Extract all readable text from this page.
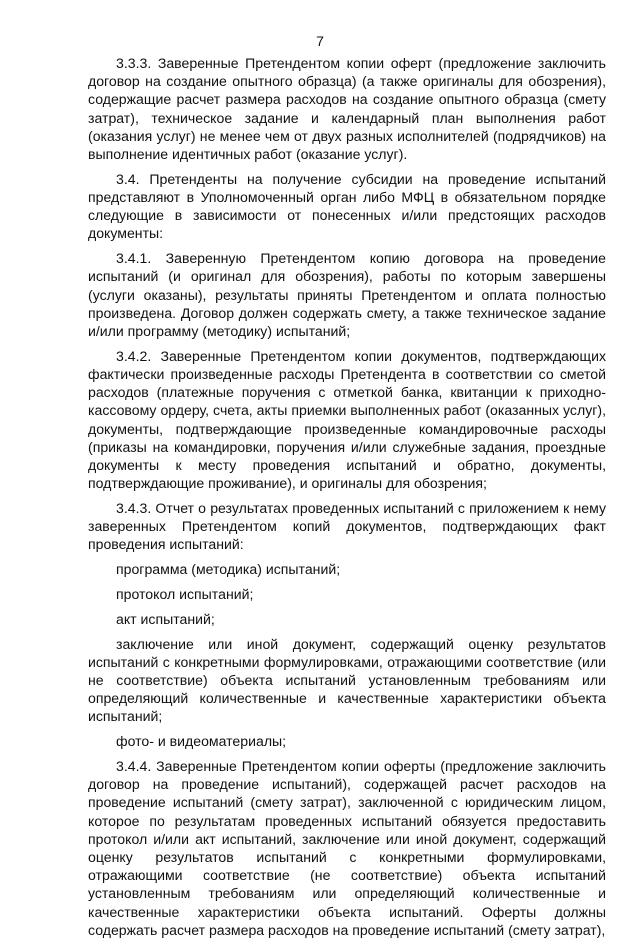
7

3.3.3. Заверенные Претендентом копии оферт (предложение заключить договор на создание опытного образца) (а также оригиналы для обозрения), содержащие расчет размера расходов на создание опытного образца (смету затрат), техническое задание и календарный план выполнения работ (оказания услуг) не менее чем от двух разных исполнителей (подрядчиков) на выполнение идентичных работ (оказание услуг).

3.4. Претенденты на получение субсидии на проведение испытаний представляют в Уполномоченный орган либо МФЦ в обязательном порядке следующие в зависимости от понесенных и/или предстоящих расходов документы:

3.4.1. Заверенную Претендентом копию договора на проведение испытаний (и оригинал для обозрения), работы по которым завершены (услуги оказаны), результаты приняты Претендентом и оплата полностью произведена. Договор должен содержать смету, а также техническое задание и/или программу (методику) испытаний;

3.4.2. Заверенные Претендентом копии документов, подтверждающих фактически произведенные расходы Претендента в соответствии со сметой расходов (платежные поручения с отметкой банка, квитанции к приходно-кассовому ордеру, счета, акты приемки выполненных работ (оказанных услуг), документы, подтверждающие произведенные командировочные расходы (приказы на командировки, поручения и/или служебные задания, проездные документы к месту проведения испытаний и обратно, документы, подтверждающие проживание), и оригиналы для обозрения;

3.4.3. Отчет о результатах проведенных испытаний с приложением к нему заверенных Претендентом копий документов, подтверждающих факт проведения испытаний:

программа (методика) испытаний;

протокол испытаний;

акт испытаний;

заключение или иной документ, содержащий оценку результатов испытаний с конкретными формулировками, отражающими соответствие (или не соответствие) объекта испытаний установленным требованиям или определяющий количественные и качественные характеристики объекта испытаний;

фото- и видеоматериалы;

3.4.4. Заверенные Претендентом копии оферты (предложение заключить договор на проведение испытаний), содержащей расчет расходов на проведение испытаний (смету затрат), заключенной с юридическим лицом, которое по результатам проведенных испытаний обязуется предоставить протокол и/или акт испытаний, заключение или иной документ, содержащий оценку результатов испытаний с конкретными формулировками, отражающими соответствие (не соответствие) объекта испытаний установленным требованиям или определяющий количественные и качественные характеристики объекта испытаний. Оферты должны содержать расчет размера расходов на проведение испытаний (смету затрат),
